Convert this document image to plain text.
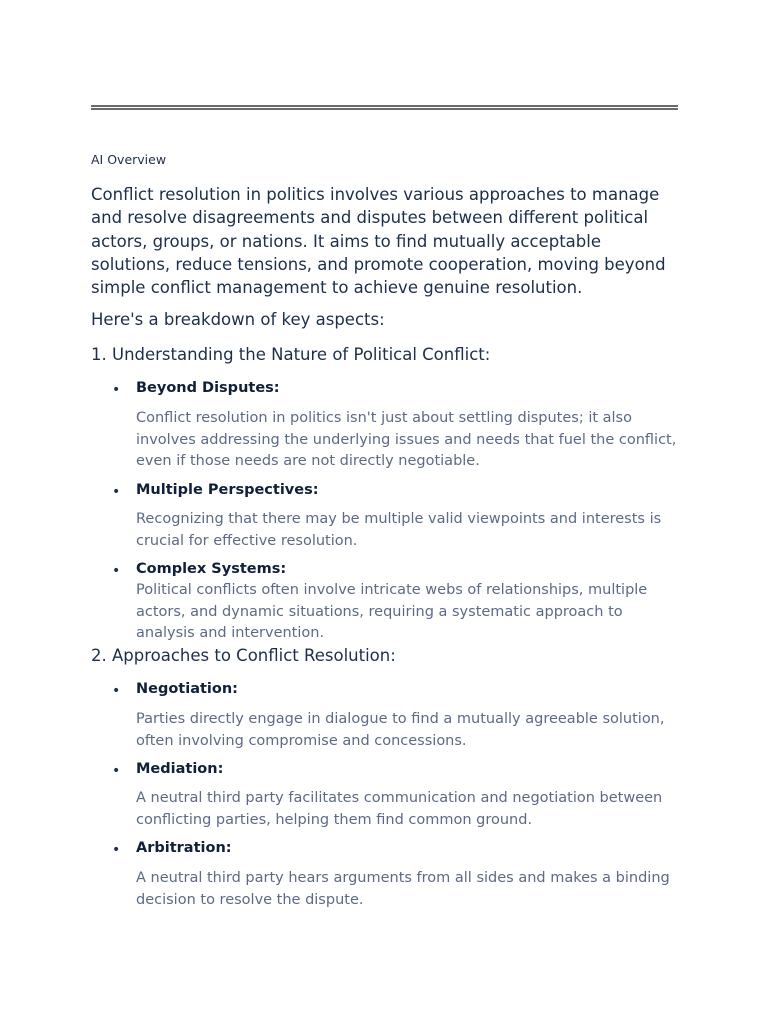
AI Overview

Conflict resolution in politics involves various approaches to manage and resolve disagreements and disputes between different political actors, groups, or nations. It aims to find mutually acceptable solutions, reduce tensions, and promote cooperation, moving beyond simple conflict management to achieve genuine resolution.

Here's a breakdown of key aspects:
1. Understanding the Nature of Political Conflict:
• Beyond Disputes:

Conflict resolution in politics isn't just about settling disputes; it also involves addressing the underlying issues and needs that fuel the conflict, even if those needs are not directly negotiable.

• Multiple Perspectives:

Recognizing that there may be multiple valid viewpoints and interests is crucial for effective resolution.

• Complex Systems:

Political conflicts often involve intricate webs of relationships, multiple actors, and dynamic situations, requiring a systematic approach to analysis and intervention.

2. Approaches to Conflict Resolution:
• Negotiation:

Parties directly engage in dialogue to find a mutually agreeable solution, often involving compromise and concessions.

• Mediation:

A neutral third party facilitates communication and negotiation between conflicting parties, helping them find common ground.

• Arbitration:

A neutral third party hears arguments from all sides and makes a binding decision to resolve the dispute.
